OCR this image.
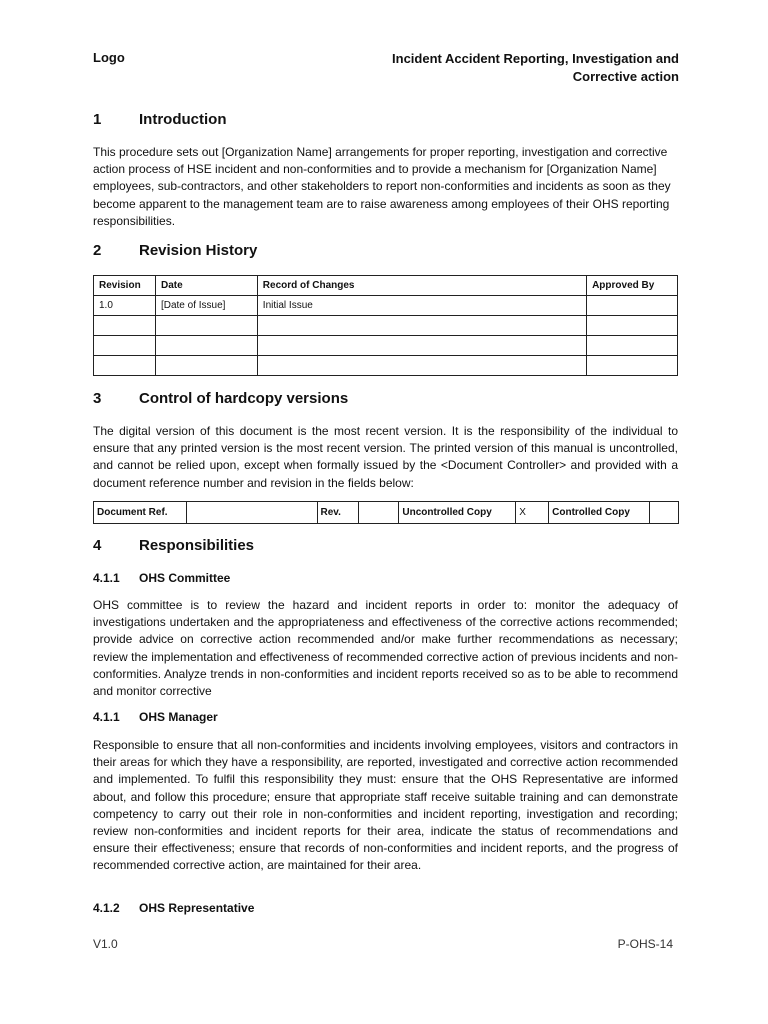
Logo	Incident Accident Reporting, Investigation and
Corrective action
1	Introduction
This procedure sets out [Organization Name] arrangements for proper reporting, investigation and corrective action process of HSE incident and non-conformities and to provide a mechanism for [Organization Name] employees, sub-contractors, and other stakeholders to report non-conformities and incidents as soon as they become apparent to the management team are to raise awareness among employees of their OHS reporting responsibilities.
2	Revision History
Revision	Date	Record of Changes	Approved By
1.0	[Date of Issue]	Initial Issue	

3	Control of hardcopy versions
The digital version of this document is the most recent version. It is the responsibility of the individual to ensure that any printed version is the most recent version. The printed version of this manual is uncontrolled, and cannot be relied upon, except when formally issued by the <Document Controller> and provided with a document reference number and revision in the fields below:
Document Ref.		Rev.		Uncontrolled Copy	X	Controlled Copy	
4	Responsibilities
4.1.1 OHS Committee
OHS committee is to review the hazard and incident reports in order to: monitor the adequacy of investigations undertaken and the appropriateness and effectiveness of the corrective actions recommended; provide advice on corrective action recommended and/or make further recommendations as necessary; review the implementation and effectiveness of recommended corrective action of previous incidents and non- conformities. Analyze trends in non-conformities and incident reports received so as to be able to recommend and monitor corrective
4.1.1 OHS Manager
Responsible to ensure that all non-conformities and incidents involving employees, visitors and contractors in their areas for which they have a responsibility, are reported, investigated and corrective action recommended and implemented. To fulfil this responsibility they must: ensure that the OHS Representative are informed about, and follow this procedure; ensure that appropriate staff receive suitable training and can demonstrate competency to carry out their role in non-conformities and incident reporting, investigation and recording; review non-conformities and incident reports for their area, indicate the status of recommendations and ensure their effectiveness; ensure that records of non-conformities and incident reports, and the progress of recommended corrective action, are maintained for their area.
4.1.2 OHS Representative
V1.0	P-OHS-14
